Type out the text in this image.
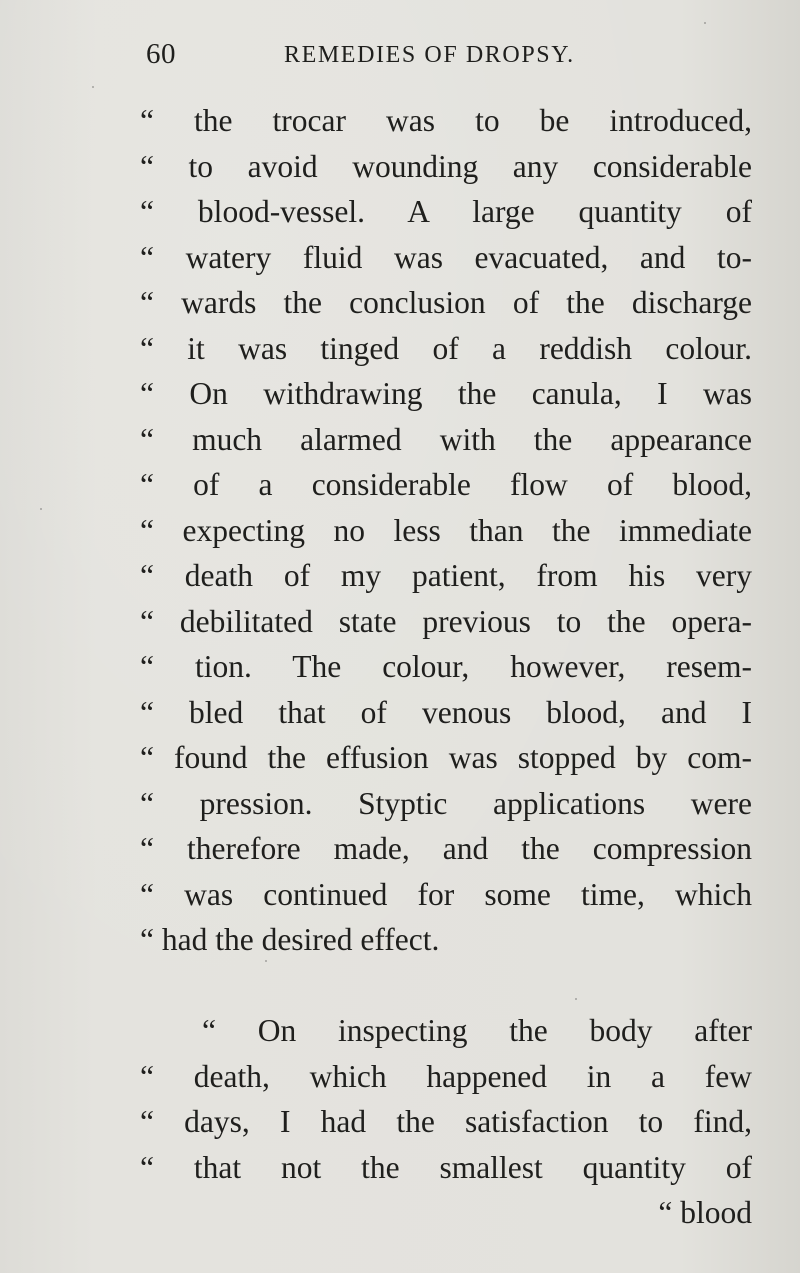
60	REMEDIES OF DROPSY.
“ the trocar was to be introduced,
“ to avoid wounding any considerable
“ blood-vessel. A large quantity of
“ watery fluid was evacuated, and to-
“ wards the conclusion of the discharge
“ it was tinged of a reddish colour.
“ On withdrawing the canula, I was
“ much alarmed with the appearance
“ of a considerable flow of blood,
“ expecting no less than the immediate
“ death of my patient, from his very
“ debilitated state previous to the opera-
“ tion. The colour, however, resem-
“ bled that of venous blood, and I
“ found the effusion was stopped by com-
“ pression. Styptic applications were
“ therefore made, and the compression
“ was continued for some time, which
“ had the desired effect.
“ On inspecting the body after
“ death, which happened in a few
“ days, I had the satisfaction to find,
“ that not the smallest quantity of
“ blood
